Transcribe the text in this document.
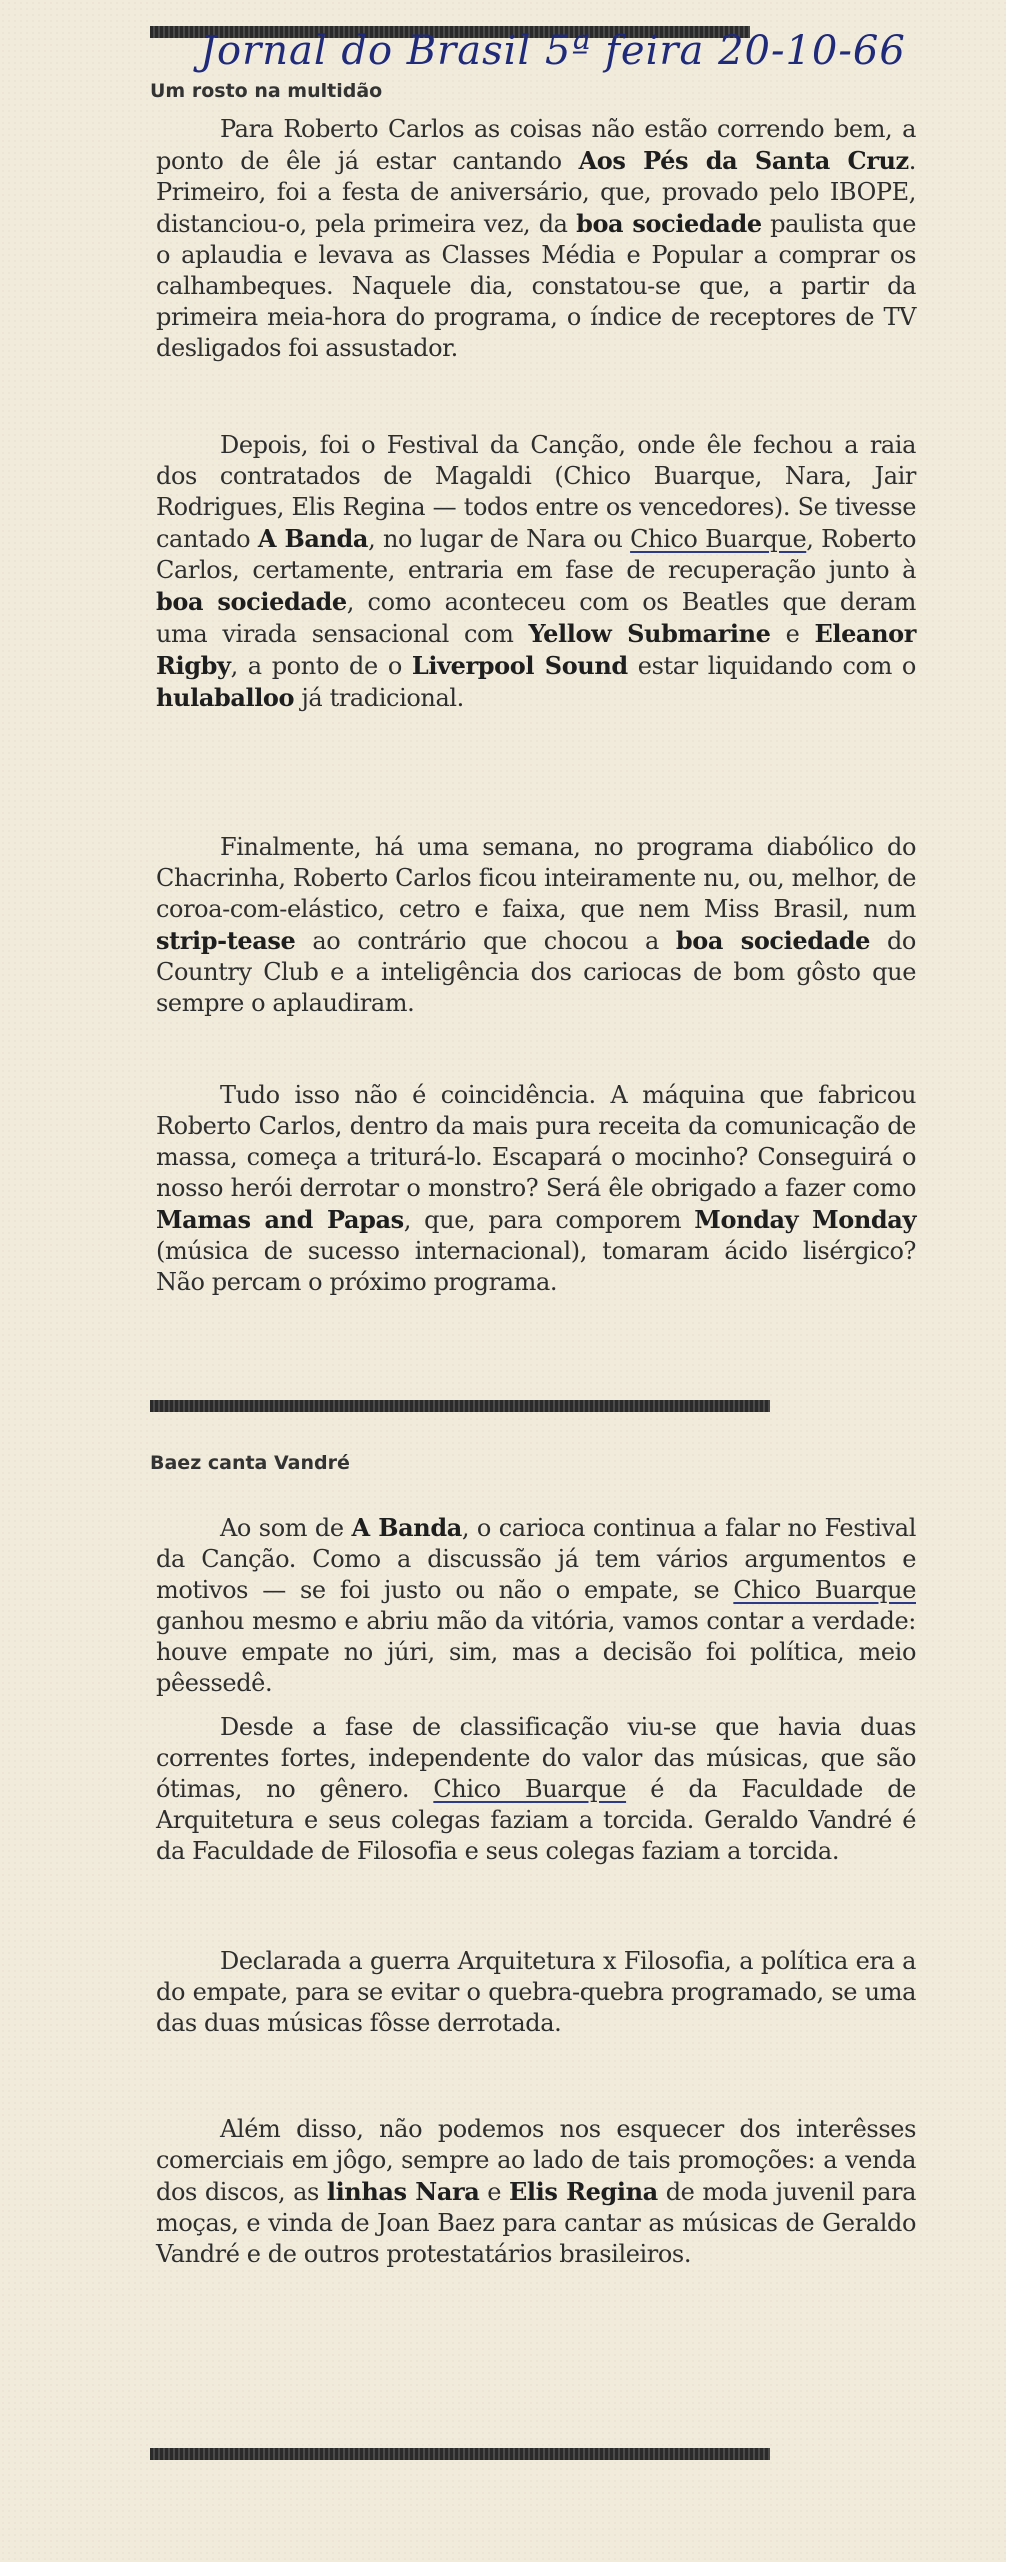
Jornal do Brasil 5ª feira 20-10-66
Um rosto na multidão

Para Roberto Carlos as coisas não estão correndo bem, a ponto de êle já estar cantando Aos Pés da Santa Cruz. Primeiro, foi a festa de aniversário, que, provado pelo IBOPE, distanciou-o, pela primeira vez, da boa sociedade paulista que o aplaudia e levava as Classes Média e Popular a comprar os calhambeques. Naquele dia, constatou-se que, a partir da primeira meia-hora do programa, o índice de receptores de TV desligados foi assustador.

Depois, foi o Festival da Canção, onde êle fechou a raia dos contratados de Magaldi (Chico Buarque, Nara, Jair Rodrigues, Elis Regina — todos entre os vencedores). Se tivesse cantado A Banda, no lugar de Nara ou Chico Buarque, Roberto Carlos, certamente, entraria em fase de recuperação junto à boa sociedade, como aconteceu com os Beatles que deram uma virada sensacional com Yellow Submarine e Eleanor Rigby, a ponto de o Liverpool Sound estar liquidando com o hulaballoo já tradicional.

Finalmente, há uma semana, no programa diabólico do Chacrinha, Roberto Carlos ficou inteiramente nu, ou, melhor, de coroa-com-elástico, cetro e faixa, que nem Miss Brasil, num strip-tease ao contrário que chocou a boa sociedade do Country Club e a inteligência dos cariocas de bom gôsto que sempre o aplaudiram.

Tudo isso não é coincidência. A máquina que fabricou Roberto Carlos, dentro da mais pura receita da comunicação de massa, começa a triturá-lo. Escapará o mocinho? Conseguirá o nosso herói derrotar o monstro? Será êle obrigado a fazer como Mamas and Papas, que, para comporem Monday Monday (música de sucesso internacional), tomaram ácido lisérgico? Não percam o próximo programa.

Baez canta Vandré

Ao som de A Banda, o carioca continua a falar no Festival da Canção. Como a discussão já tem vários argumentos e motivos — se foi justo ou não o empate, se Chico Buarque ganhou mesmo e abriu mão da vitória, vamos contar a verdade: houve empate no júri, sim, mas a decisão foi política, meio pêessedê.

Desde a fase de classificação viu-se que havia duas correntes fortes, independente do valor das músicas, que são ótimas, no gênero. Chico Buarque é da Faculdade de Arquitetura e seus colegas faziam a torcida. Geraldo Vandré é da Faculdade de Filosofia e seus colegas faziam a torcida.

Declarada a guerra Arquitetura x Filosofia, a política era a do empate, para se evitar o quebra-quebra programado, se uma das duas músicas fôsse derrotada.

Além disso, não podemos nos esquecer dos interêsses comerciais em jôgo, sempre ao lado de tais promoções: a venda dos discos, as linhas Nara e Elis Regina de moda juvenil para moças, e vinda de Joan Baez para cantar as músicas de Geraldo Vandré e de outros protestatários brasileiros.
